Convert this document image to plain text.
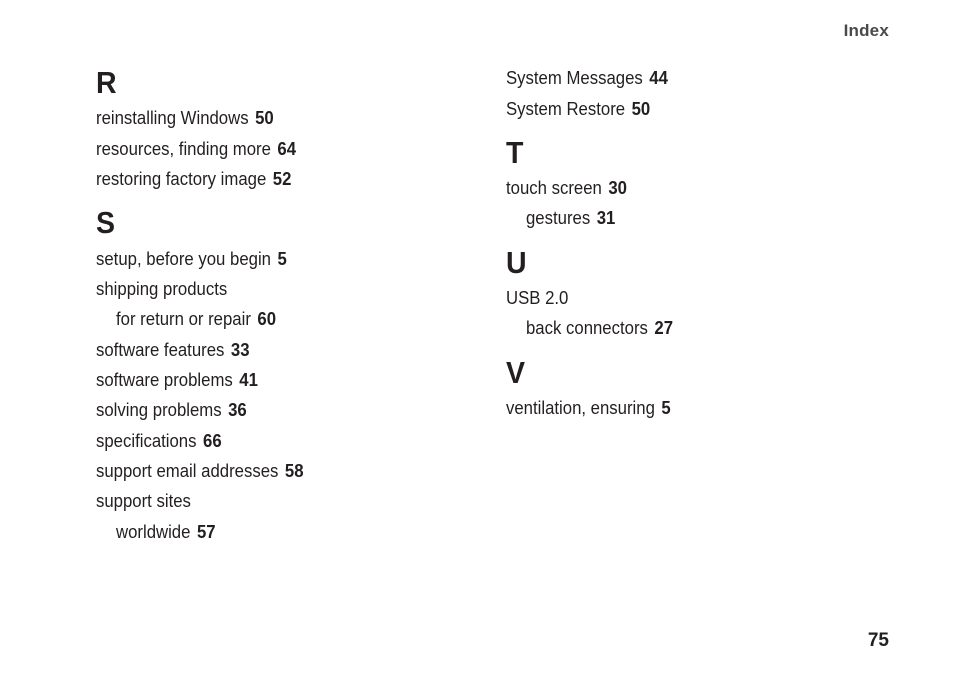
Index
R
reinstalling Windows 50
resources, finding more 64
restoring factory image 52
S
setup, before you begin 5
shipping products
for return or repair 60
software features 33
software problems 41
solving problems 36
specifications 66
support email addresses 58
support sites
worldwide 57
System Messages 44
System Restore 50
T
touch screen 30
gestures 31
U
USB 2.0
back connectors 27
V
ventilation, ensuring 5
75
